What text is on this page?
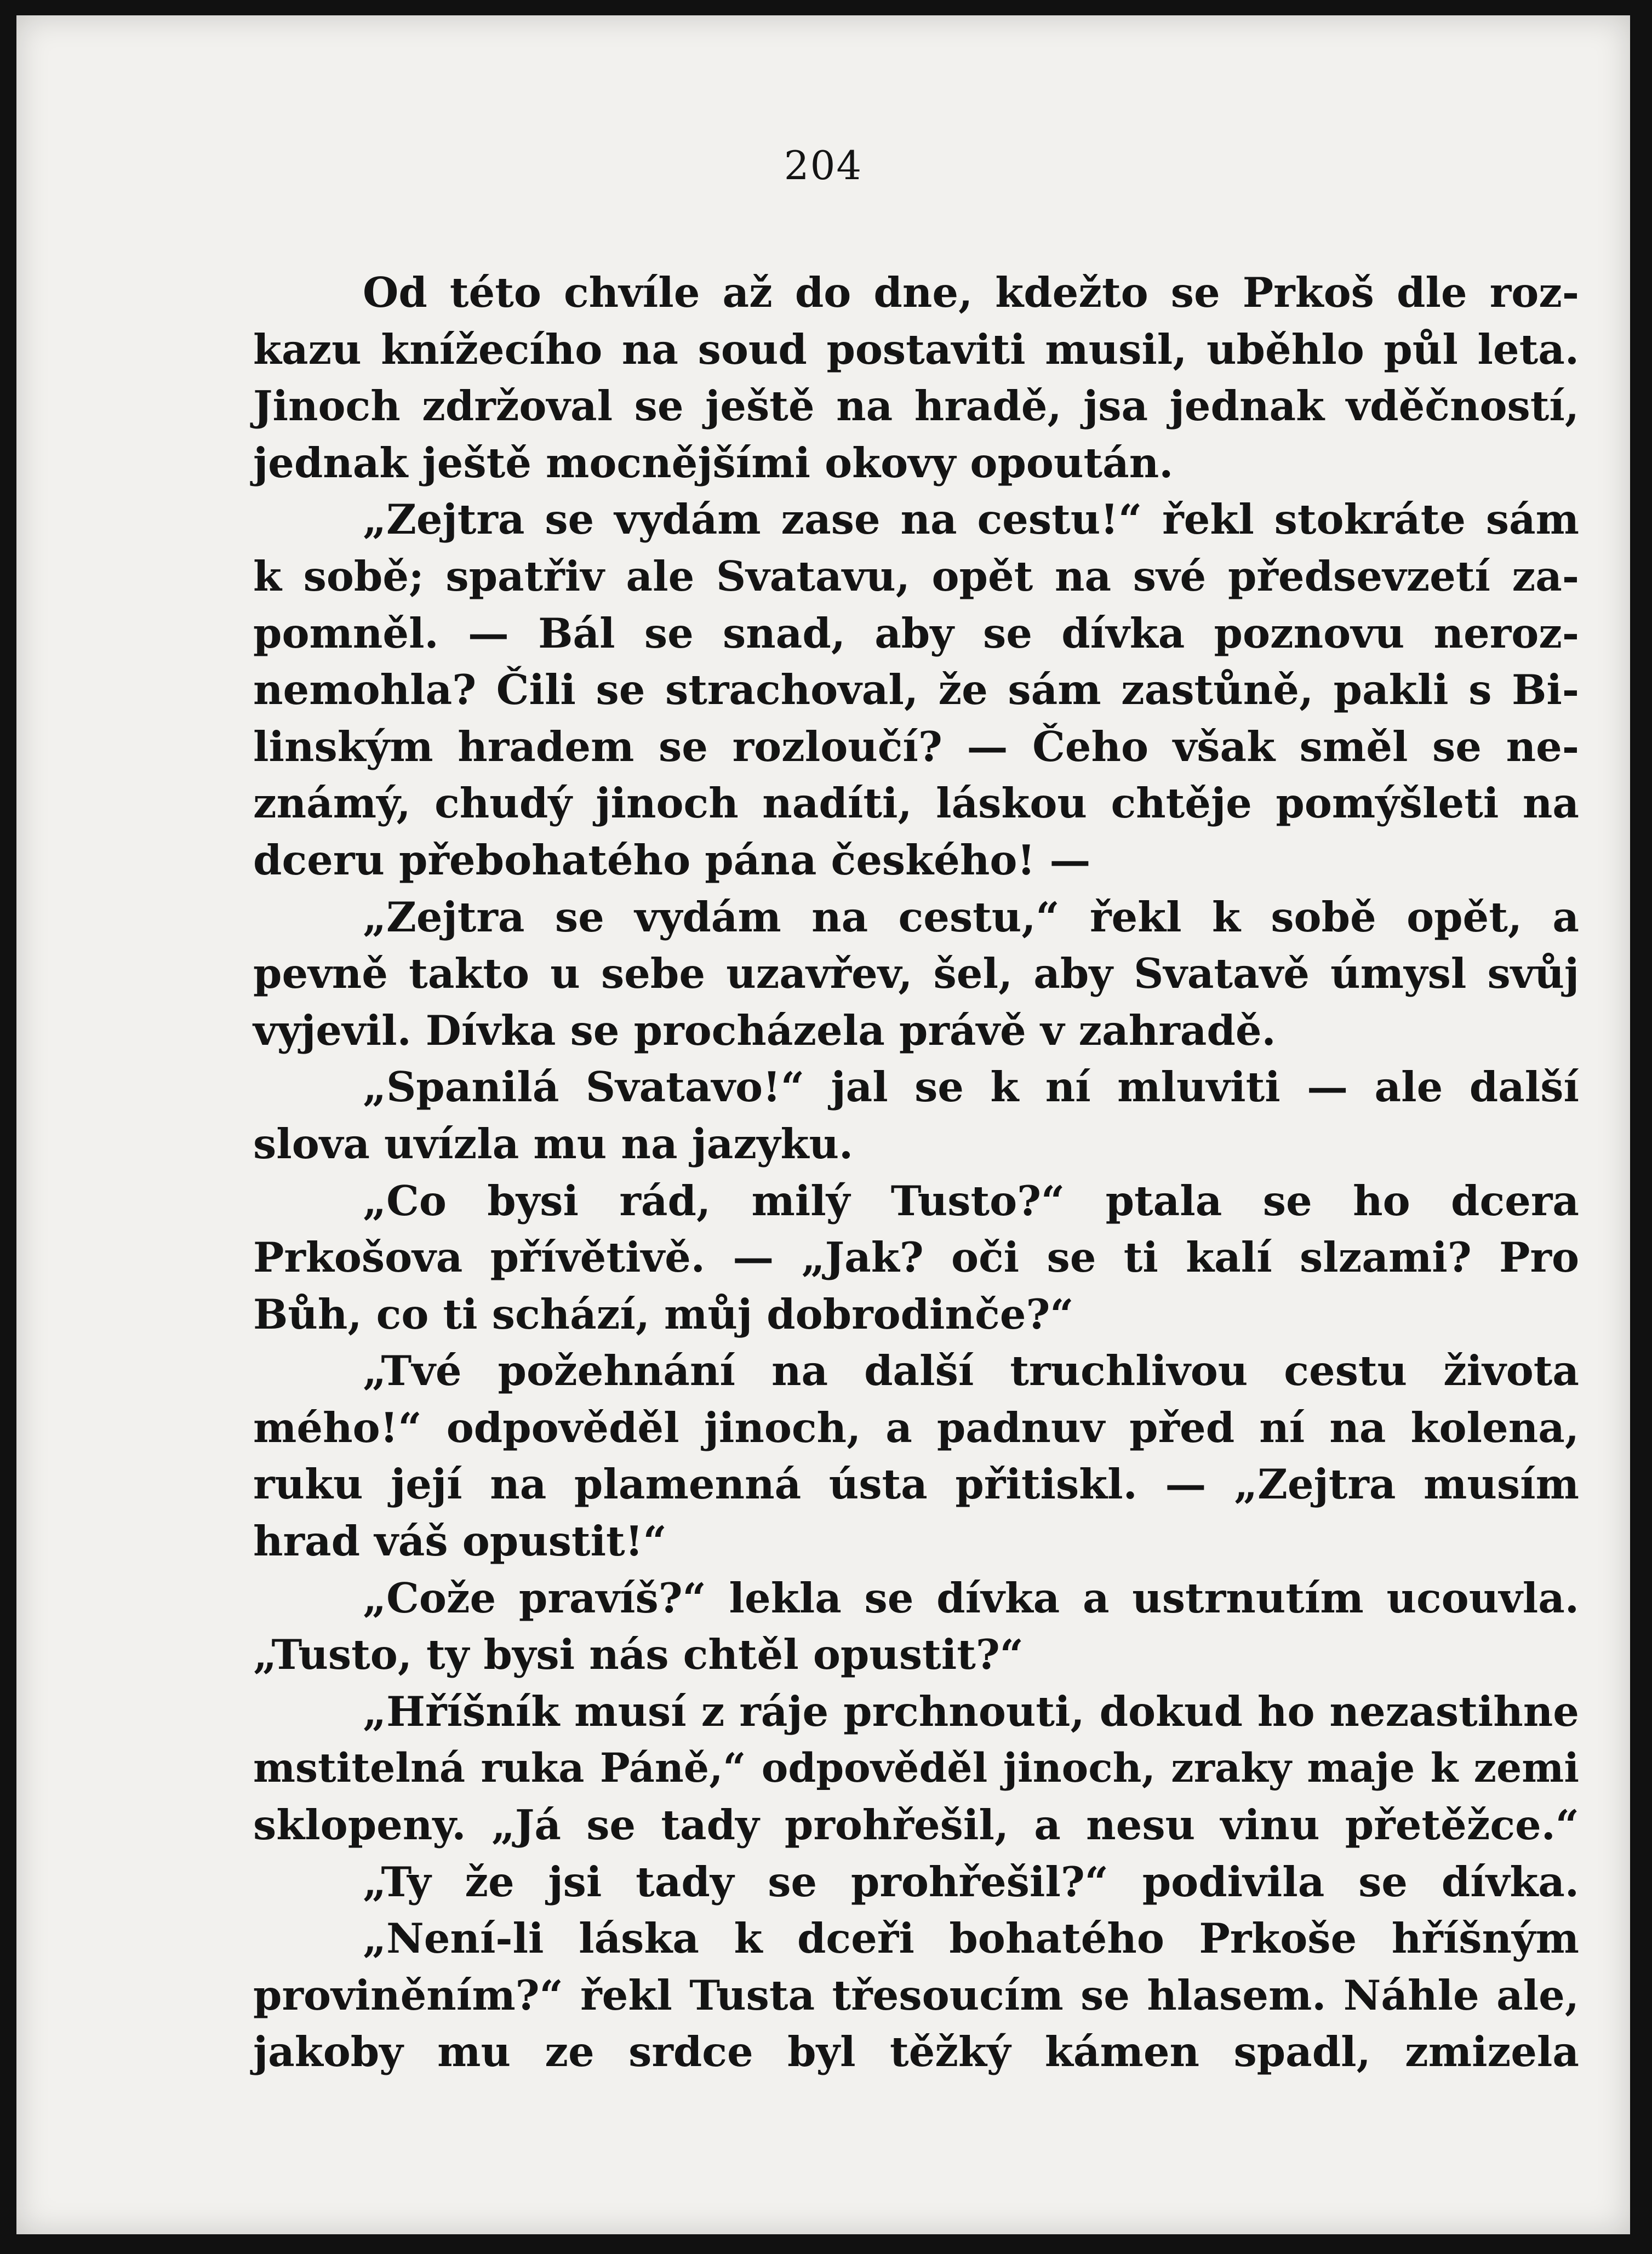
204
Od této chvíle až do dne, kdežto se Prkoš dle roz-
kazu knížecího na soud postaviti musil, uběhlo půl leta.
Jinoch zdržoval se ještě na hradě, jsa jednak vděčností,
jednak ještě mocnějšími okovy opoután.
„Zejtra se vydám zase na cestu!“ řekl stokráte sám
k sobě; spatřiv ale Svatavu, opět na své předsevzetí za-
pomněl. — Bál se snad, aby se dívka poznovu neroz-
nemohla? Čili se strachoval, že sám zastůně, pakli s Bi-
linským hradem se rozloučí? — Čeho však směl se ne-
známý, chudý jinoch nadíti, láskou chtěje pomýšleti na
dceru přebohatého pána českého! —
„Zejtra se vydám na cestu,“ řekl k sobě opět, a
pevně takto u sebe uzavřev, šel, aby Svatavě úmysl svůj
vyjevil. Dívka se procházela právě v zahradě.
„Spanilá Svatavo!“ jal se k ní mluviti — ale další
slova uvízla mu na jazyku.
„Co bysi rád, milý Tusto?“ ptala se ho dcera
Prkošova přívětivě. — „Jak? oči se ti kalí slzami? Pro
Bůh, co ti schází, můj dobrodinče?“
„Tvé požehnání na další truchlivou cestu života
mého!“ odpověděl jinoch, a padnuv před ní na kolena,
ruku její na plamenná ústa přitiskl. — „Zejtra musím
hrad váš opustit!“
„Cože pravíš?“ lekla se dívka a ustrnutím ucouvla.
„Tusto, ty bysi nás chtěl opustit?“
„Hříšník musí z ráje prchnouti, dokud ho nezastihne
mstitelná ruka Páně,“ odpověděl jinoch, zraky maje k zemi
sklopeny. „Já se tady prohřešil, a nesu vinu přetěžce.“
„Ty že jsi tady se prohřešil?“ podivila se dívka.
„Není-li láska k dceři bohatého Prkoše hříšným
proviněním?“ řekl Tusta třesoucím se hlasem. Náhle ale,
jakoby mu ze srdce byl těžký kámen spadl, zmizela
